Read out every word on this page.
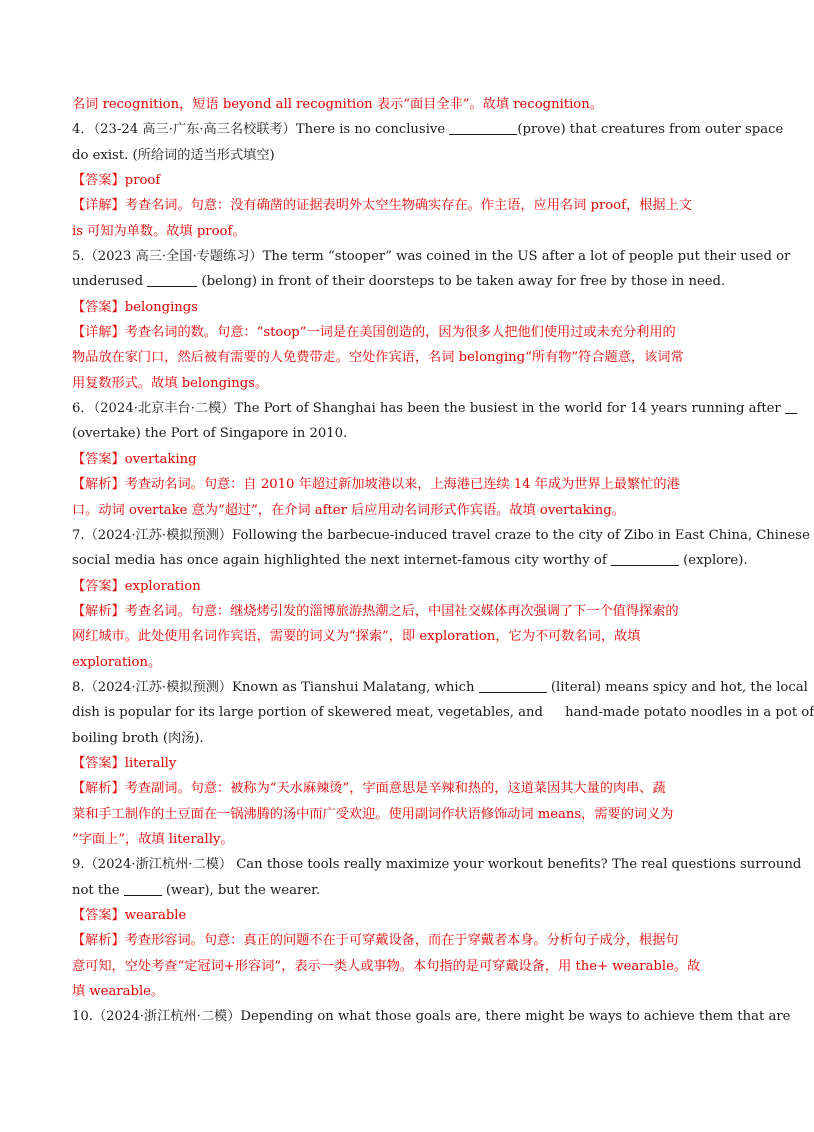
名词 recognition，短语 beyond all recognition 表示“面目全非”。故填 recognition。
4．（23-24 高三·广东·高三名校联考）There is no conclusive	(prove) that creatures from outer space
do exist. (所给词的适当形式填空)
【答案】proof
【详解】考查名词。句意：没有确凿的证据表明外太空生物确实存在。作主语，应用名词 proof，根据上文
is 可知为单数。故填 proof。
5.（2023 高三·全国·专题练习）The term “stooper” was coined in the US after a lot of people put their used or
underused	(belong) in front of their doorsteps to be taken away for free by those in need.
【答案】belongings
【详解】考查名词的数。句意：“stoop”一词是在美国创造的，因为很多人把他们使用过或未充分利用的
物品放在家门口，然后被有需要的人免费带走。空处作宾语，名词 belonging“所有物”符合题意，该词常
用复数形式。故填 belongings。
6．（2024·北京丰台·二模）The Port of Shanghai has been the busiest in the world for 14 years running after
(overtake) the Port of Singapore in 2010.
【答案】overtaking
【解析】考查动名词。句意：自 2010 年超过新加坡港以来，上海港已连续 14 年成为世界上最繁忙的港
口。动词 overtake 意为“超过”，在介词 after 后应用动名词形式作宾语。故填 overtaking。
7.（2024·江苏·模拟预测）Following the barbecue-induced travel craze to the city of Zibo in East China, Chinese
social media has once again highlighted the next internet-famous city worthy of	(explore).
【答案】exploration
【解析】考查名词。句意：继烧烤引发的淄博旅游热潮之后，中国社交媒体再次强调了下一个值得探索的
网红城市。此处使用名词作宾语，需要的词义为“探索”，即 exploration，它为不可数名词，故填
exploration。
8.（2024·江苏·模拟预测）Known as Tianshui Malatang, which	(literal) means spicy and hot, the local
dish is popular for its large portion of skewered meat, vegetables, and hand-made potato noodles in a pot of
boiling broth (肉汤).
【答案】literally
【解析】考查副词。句意：被称为“天水麻辣烫”，字面意思是辛辣和热的，这道菜因其大量的肉串、蔬
菜和手工制作的土豆面在一锅沸腾的汤中而广受欢迎。使用副词作状语修饰动词 means，需要的词义为
“字面上”，故填 literally。
9.（2024·浙江杭州·二模） Can those tools really maximize your workout benefits? The real questions surround
not the	(wear), but the wearer.
【答案】wearable
【解析】考查形容词。句意：真正的问题不在于可穿戴设备，而在于穿戴者本身。分析句子成分，根据句
意可知，空处考查“定冠词+形容词”，表示一类人或事物。本句指的是可穿戴设备，用 the+ wearable。故
填 wearable。
10.（2024·浙江杭州·二模）Depending on what those goals are, there might be ways to achieve them that are
